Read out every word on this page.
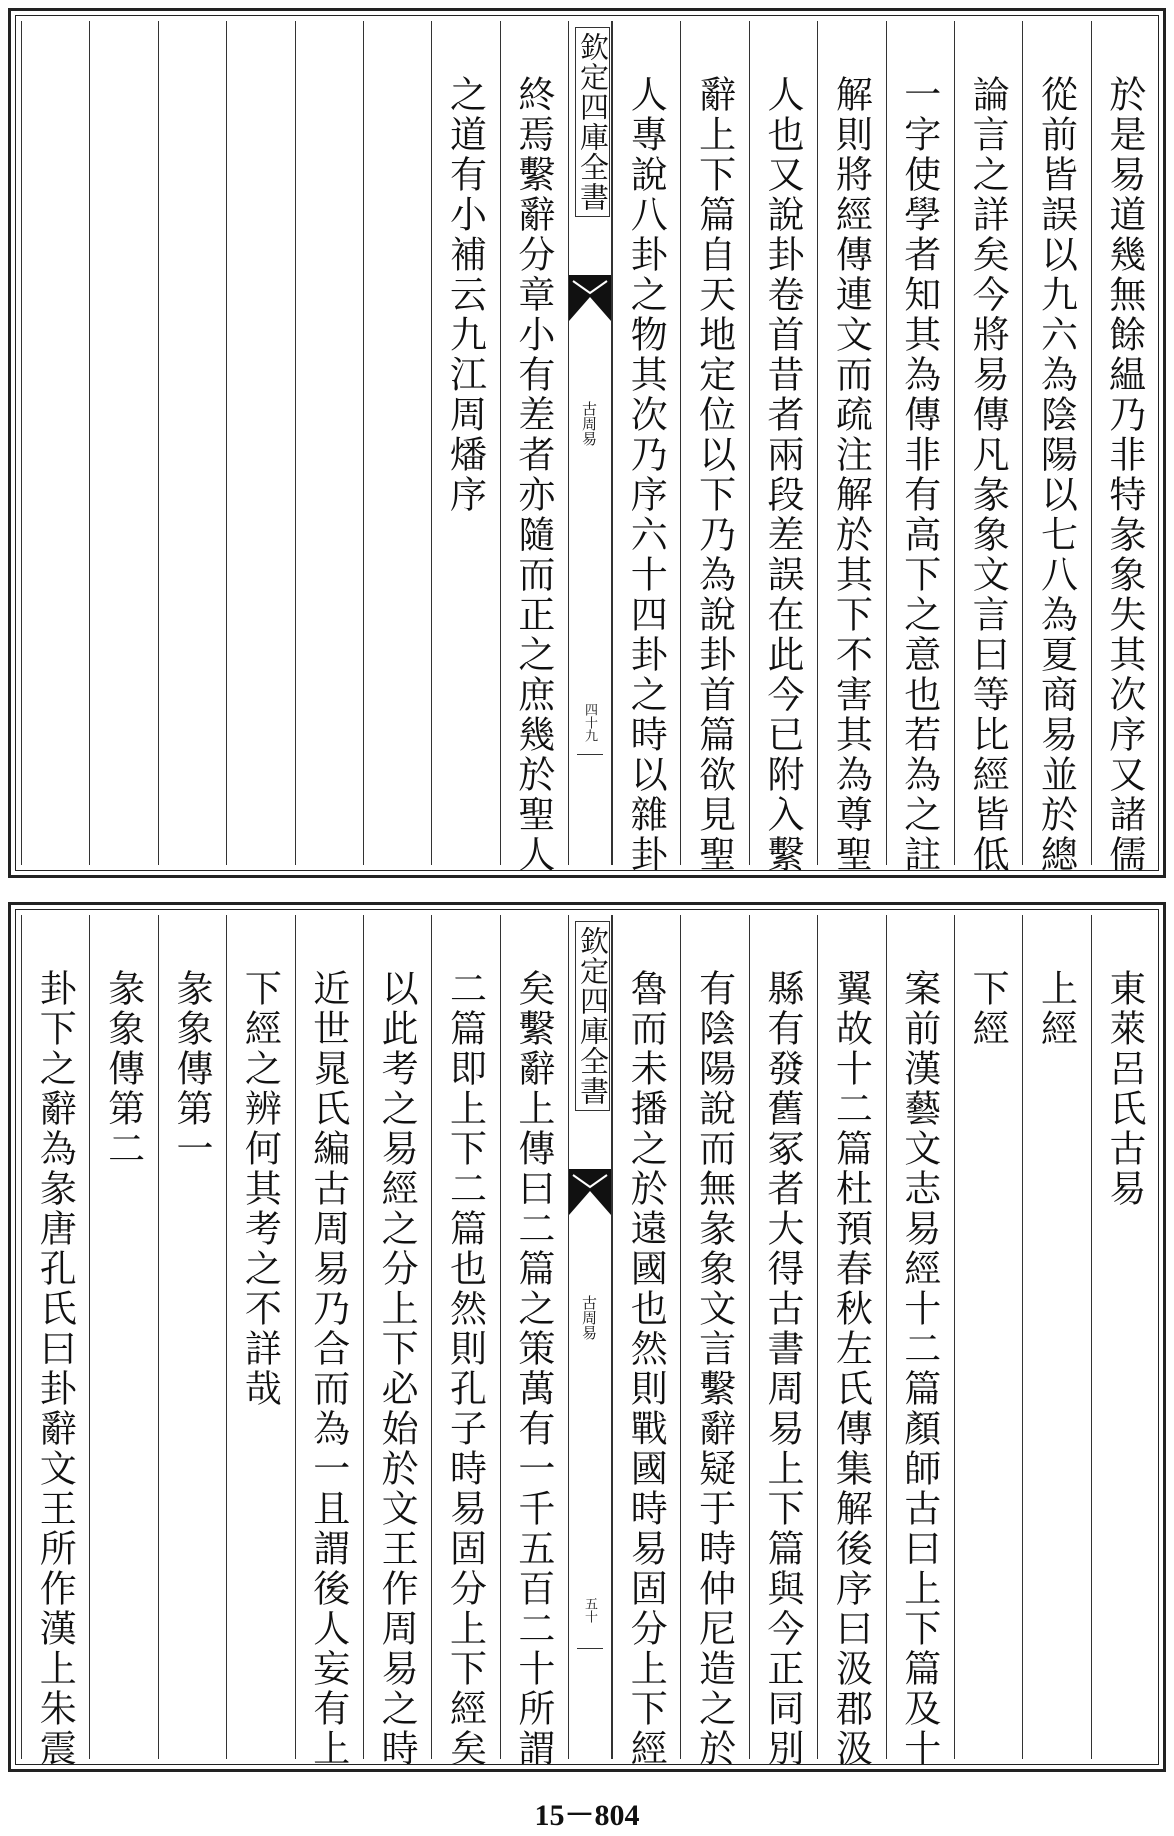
於是易道幾無餘緼乃非特彖象失其次序又諸儒
從前皆誤以九六為陰陽以七八為夏商易並於總
論言之詳矣今將易傳凡彖象文言曰等比經皆低
一字使學者知其為傳非有高下之意也若為之註
解則將經傳連文而疏注解於其下不害其為尊聖
人也又說卦卷首昔者兩段差誤在此今已附入繫
辭上下篇自天地定位以下乃為說卦首篇欲見聖
人專說八卦之物其次乃序六十四卦之時以雜卦
終焉繫辭分章小有差者亦隨而正之庶幾於聖人
之道有小補云九江周燔序	欽定四庫全書
古周易
四十九
東萊呂氏古易
上經
下經
案前漢藝文志易經十二篇顏師古曰上下篇及十
翼故十二篇杜預春秋左氏傳集解後序曰汲郡汲
縣有發舊冢者大得古書周易上下篇與今正同別
有陰陽說而無彖象文言繫辭疑于時仲尼造之於
魯而未播之於遠國也然則戰國時易固分上下經
矣繫辭上傳曰二篇之策萬有一千五百二十所謂
二篇即上下二篇也然則孔子時易固分上下經矣
以此考之易經之分上下必始於文王作周易之時
近世晁氏編古周易乃合而為一且謂後人妄有上
下經之辨何其考之不詳哉
彖象傳第一
彖象傳第二
卦下之辭為彖唐孔氏曰卦辭文王所作漢上朱震	欽定四庫全書
古周易
五十
15－804
